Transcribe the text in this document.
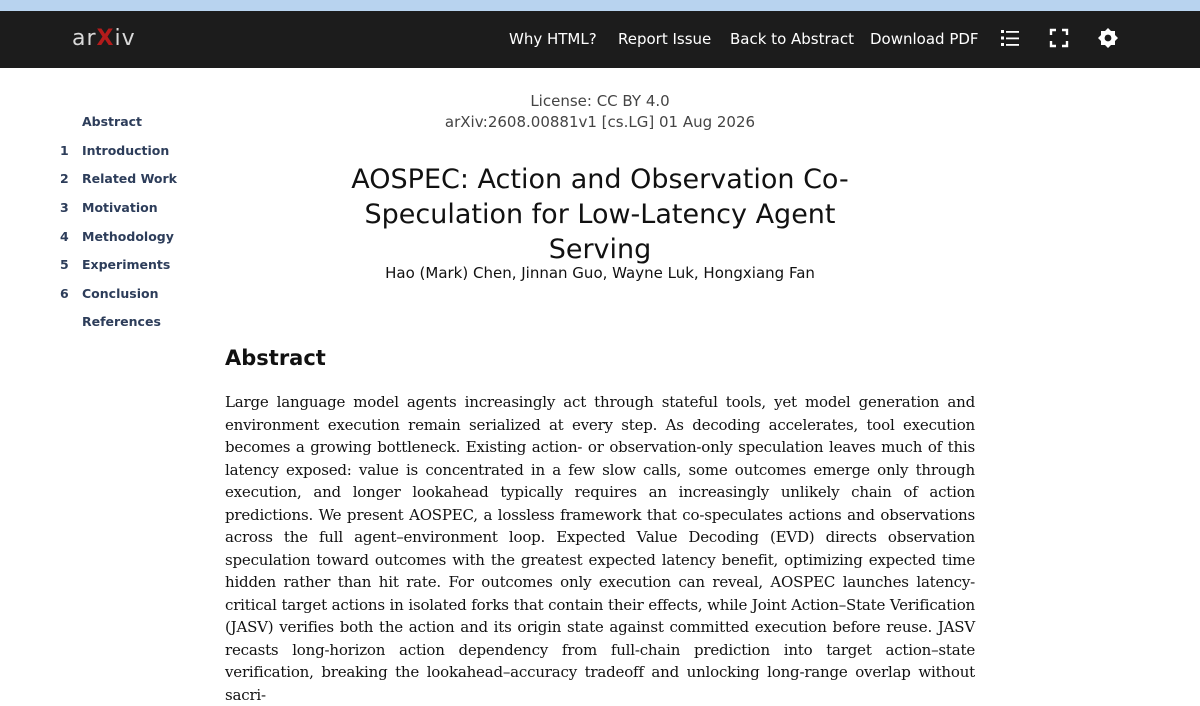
arXiv	Why HTML? Report Issue Back to Abstract Download PDF
Abstract
1	Introduction
2	Related Work
3	Motivation
4	Methodology
5	Experiments
6	Conclusion
References
License: CC BY 4.0
arXiv:2608.00881v1 [cs.LG] 01 Aug 2026
AOSPEC: Action and Observation Co-Speculation for Low-Latency Agent Serving
Hao (Mark) Chen, Jinnan Guo, Wayne Luk, Hongxiang Fan
Abstract

Large language model agents increasingly act through stateful tools, yet model generation and environment execution remain serialized at every step. As decoding accelerates, tool execution becomes a growing bottleneck. Existing action- or observation-only speculation leaves much of this latency exposed: value is concentrated in a few slow calls, some outcomes emerge only through execution, and longer lookahead typically requires an increasingly unlikely chain of action predictions. We present AOSPEC, a lossless framework that co-speculates actions and observations across the full agent–environment loop. Expected Value Decoding (EVD) directs observation speculation toward outcomes with the greatest expected latency benefit, optimizing expected time hidden rather than hit rate. For outcomes only execution can reveal, AOSPEC launches latency-critical target actions in isolated forks that contain their effects, while Joint Action–State Verification (JASV) verifies both the action and its origin state against committed execution before reuse. JASV recasts long-horizon action dependency from full-chain prediction into target action–state verification, breaking the lookahead–accuracy tradeoff and unlocking long-range overlap without sacri-
